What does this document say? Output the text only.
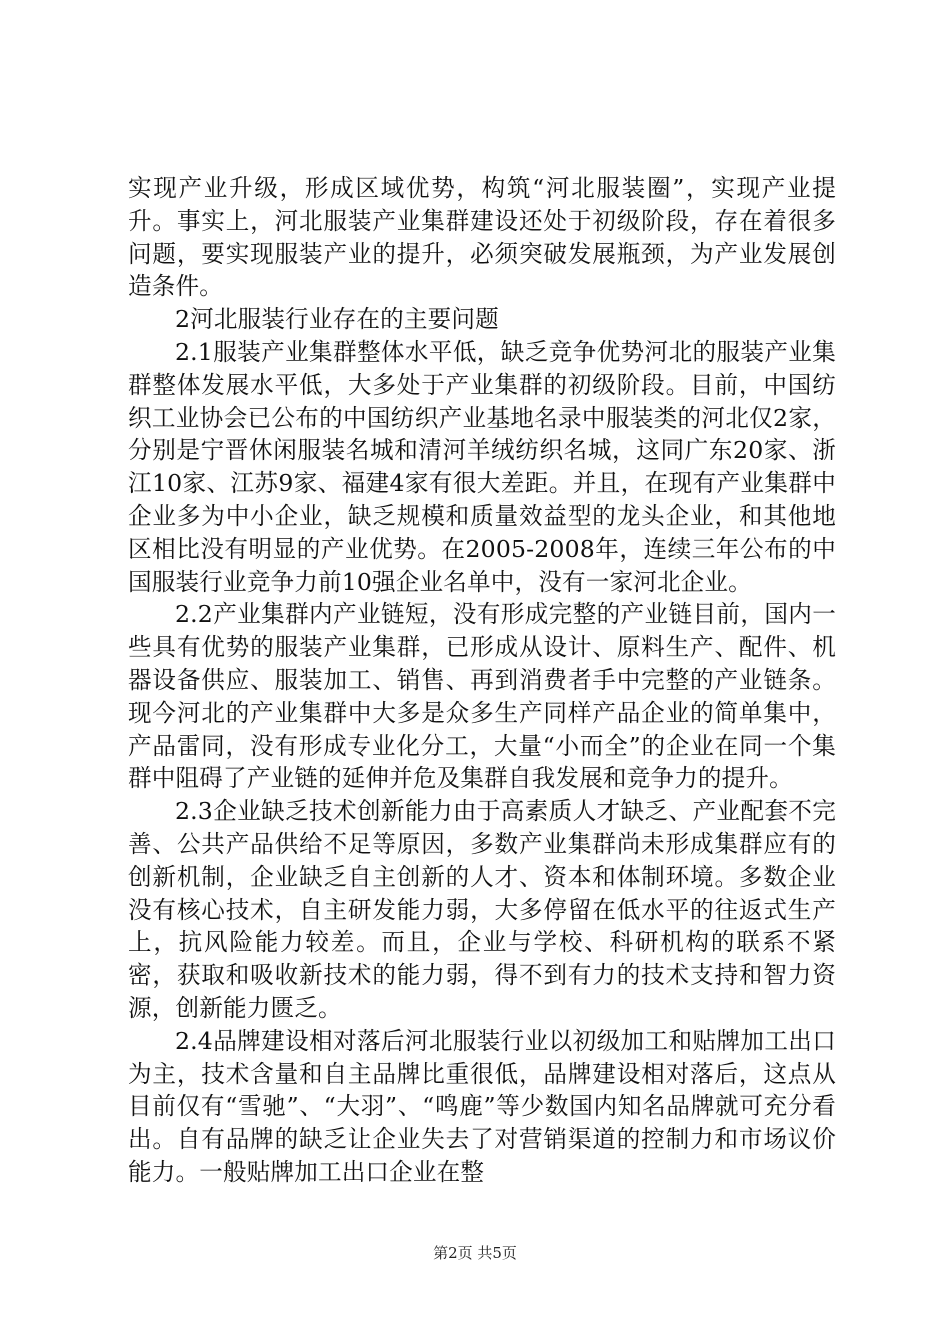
实现产业升级，形成区域优势，构筑“河北服装圈”，实现产业提升。事实上，河北服装产业集群建设还处于初级阶段，存在着很多问题，要实现服装产业的提升，必须突破发展瓶颈，为产业发展创造条件。

2河北服装行业存在的主要问题

2.1服装产业集群整体水平低，缺乏竞争优势河北的服装产业集群整体发展水平低，大多处于产业集群的初级阶段。目前，中国纺织工业协会已公布的中国纺织产业基地名录中服装类的河北仅2家，分别是宁晋休闲服装名城和清河羊绒纺织名城，这同广东20家、浙江10家、江苏9家、福建4家有很大差距。并且，在现有产业集群中企业多为中小企业，缺乏规模和质量效益型的龙头企业，和其他地区相比没有明显的产业优势。在2005-2008年，连续三年公布的中国服装行业竞争力前10强企业名单中，没有一家河北企业。

2.2产业集群内产业链短，没有形成完整的产业链目前，国内一些具有优势的服装产业集群，已形成从设计、原料生产、配件、机器设备供应、服装加工、销售、再到消费者手中完整的产业链条。现今河北的产业集群中大多是众多生产同样产品企业的简单集中，产品雷同，没有形成专业化分工，大量“小而全”的企业在同一个集群中阻碍了产业链的延伸并危及集群自我发展和竞争力的提升。

2.3企业缺乏技术创新能力由于高素质人才缺乏、产业配套不完善、公共产品供给不足等原因，多数产业集群尚未形成集群应有的创新机制，企业缺乏自主创新的人才、资本和体制环境。多数企业没有核心技术，自主研发能力弱，大多停留在低水平的往返式生产上，抗风险能力较差。而且，企业与学校、科研机构的联系不紧密，获取和吸收新技术的能力弱，得不到有力的技术支持和智力资源，创新能力匮乏。

2.4品牌建设相对落后河北服装行业以初级加工和贴牌加工出口为主，技术含量和自主品牌比重很低，品牌建设相对落后，这点从目前仅有“雪驰”、“大羽”、“鸣鹿”等少数国内知名品牌就可充分看出。自有品牌的缺乏让企业失去了对营销渠道的控制力和市场议价能力。一般贴牌加工出口企业在整

第2页 共5页
